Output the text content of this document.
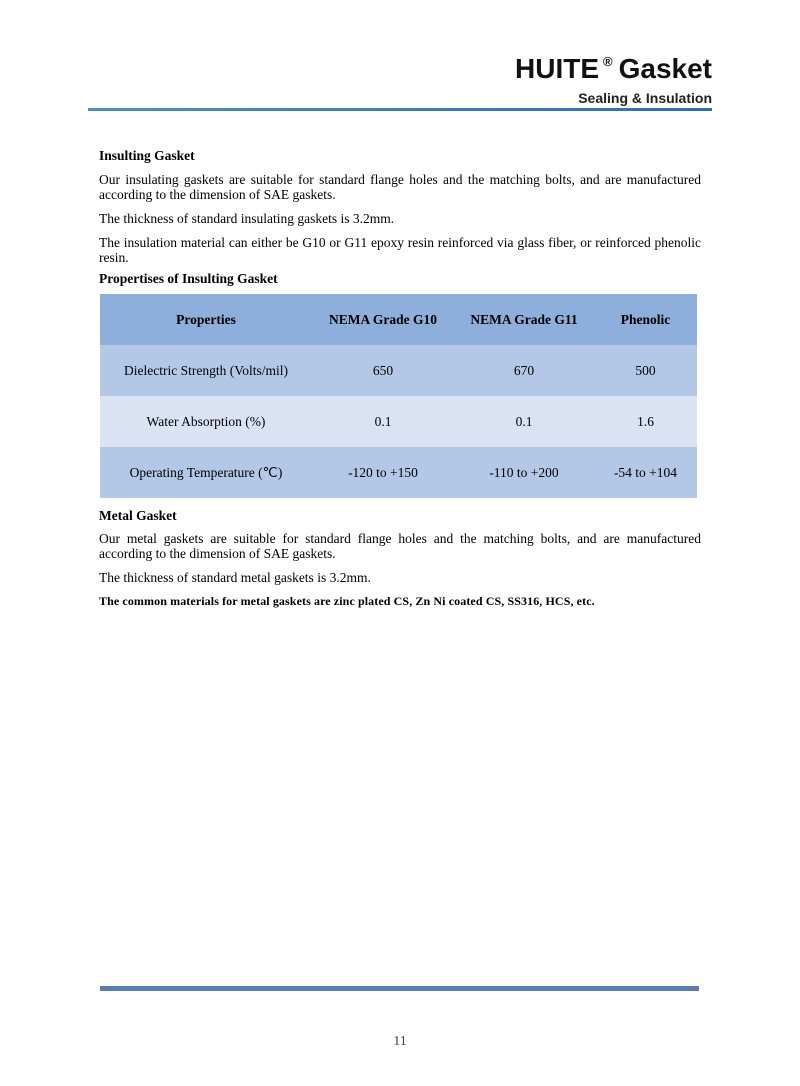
HUITE ® Gasket
Sealing & Insulation
Insulting Gasket

Our insulating gaskets are suitable for standard flange holes and the matching bolts, and are manufactured according to the dimension of SAE gaskets.

The thickness of standard insulating gaskets is 3.2mm.

The insulation material can either be G10 or G11 epoxy resin reinforced via glass fiber, or reinforced phenolic resin.

Propertises of Insulting Gasket
Properties	NEMA Grade G10	NEMA Grade G11	Phenolic
Dielectric Strength (Volts/mil)	650	670	500
Water Absorption (%)	0.1	0.1	1.6
Operating Temperature (℃)	-120 to +150	-110 to +200	-54 to +104
Metal Gasket

Our metal gaskets are suitable for standard flange holes and the matching bolts, and are manufactured according to the dimension of SAE gaskets.

The thickness of standard metal gaskets is 3.2mm.

The common materials for metal gaskets are zinc plated CS, Zn Ni coated CS, SS316, HCS, etc.

11
